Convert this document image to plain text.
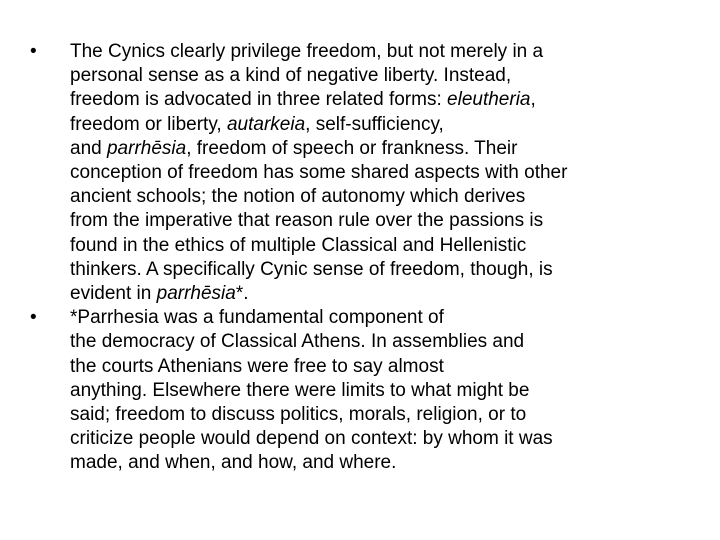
•	The Cynics clearly privilege freedom, but not merely in a
personal sense as a kind of negative liberty. Instead,
freedom is advocated in three related forms: eleutheria,
freedom or liberty, autarkeia, self-sufficiency,
and parrhēsia, freedom of speech or frankness. Their
conception of freedom has some shared aspects with other
ancient schools; the notion of autonomy which derives
from the imperative that reason rule over the passions is
found in the ethics of multiple Classical and Hellenistic
thinkers. A specifically Cynic sense of freedom, though, is
evident in parrhēsia*.
•	*Parrhesia was a fundamental component of
the democracy of Classical Athens. In assemblies and
the courts Athenians were free to say almost
anything. Elsewhere there were limits to what might be
said; freedom to discuss politics, morals, religion, or to
criticize people would depend on context: by whom it was
made, and when, and how, and where.
